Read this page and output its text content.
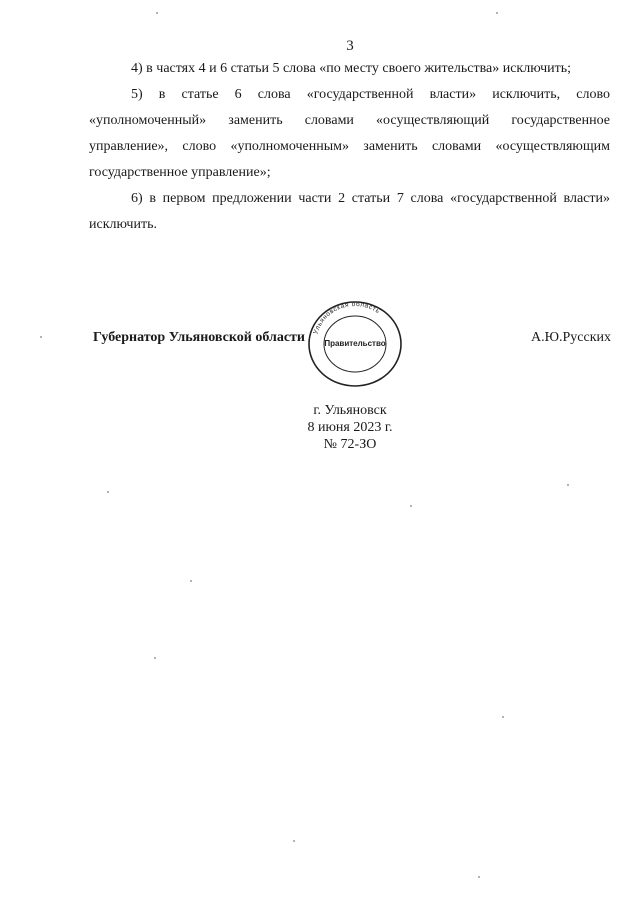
3

4) в частях 4 и 6 статьи 5 слова «по месту своего жительства» исключить;

5) в статье 6 слова «государственной власти» исключить, слово «уполномоченный» заменить словами «осуществляющий государственное управление», слово «уполномоченным» заменить словами «осуществляющим государственное управление»;

6) в первом предложении части 2 статьи 7 слова «государственной власти» исключить.

Губернатор Ульяновской области	А.Ю.Русских
Ульяновская область
Правительство
г. Ульяновск
8 июня 2023 г.
№ 72-ЗО
